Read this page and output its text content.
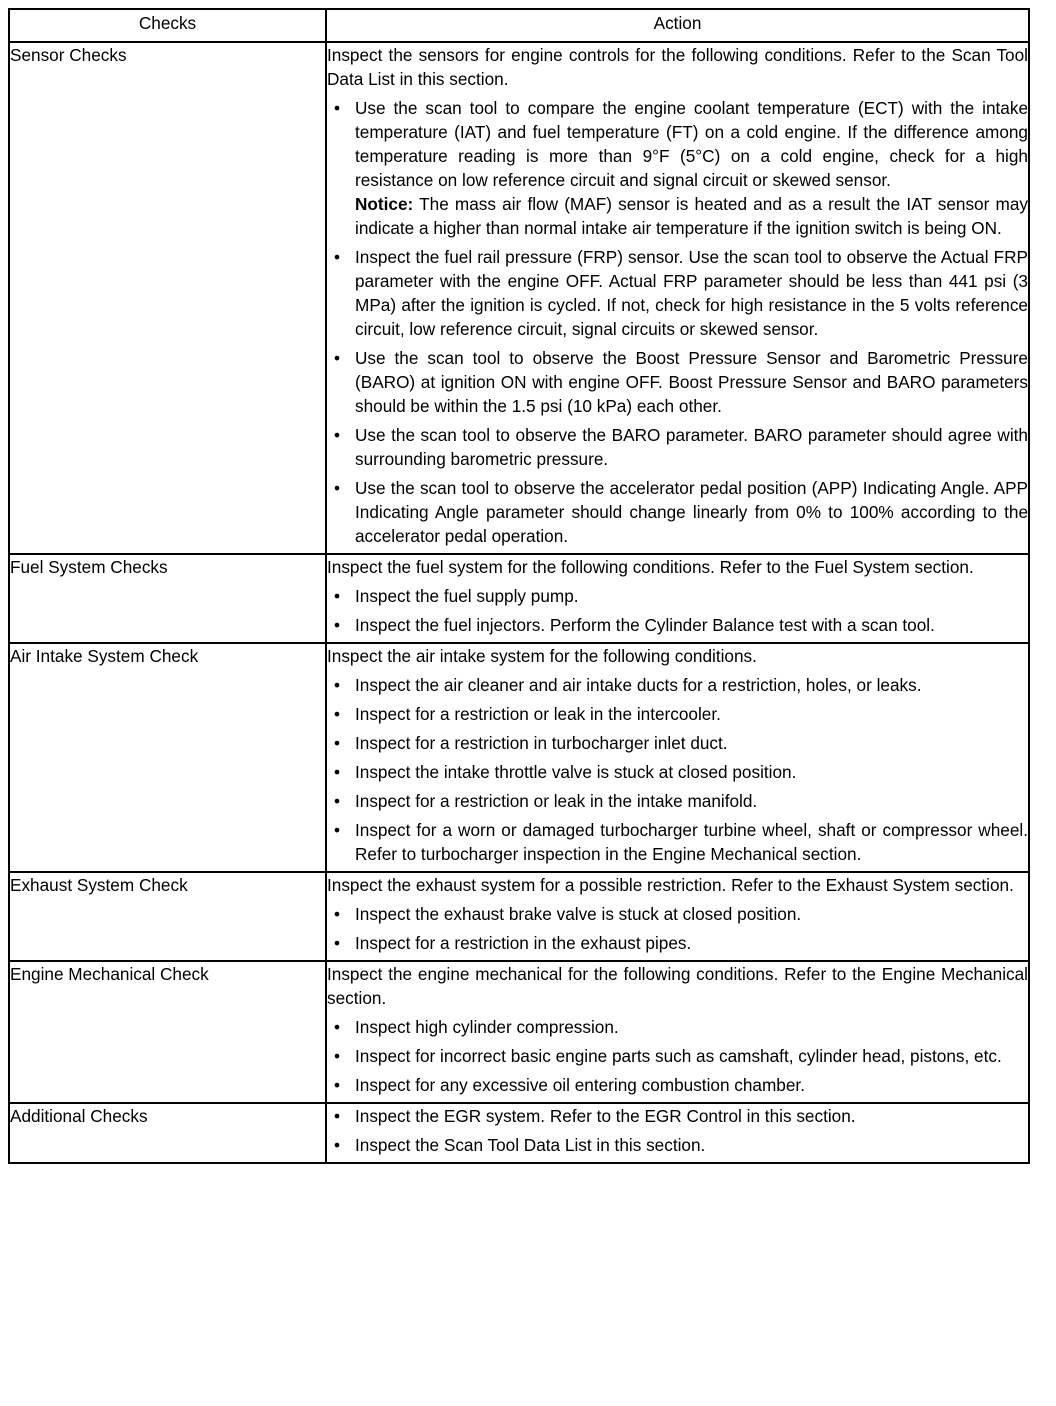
Checks	Action
Sensor Checks	Inspect the sensors for engine controls for the following conditions. Refer to the Scan Tool Data List in this section.

• Use the scan tool to compare the engine coolant temperature (ECT) with the intake temperature (IAT) and fuel temperature (FT) on a cold engine. If the difference among temperature reading is more than 9°F (5°C) on a cold engine, check for a high resistance on low reference circuit and signal circuit or skewed sensor.
Notice: The mass air flow (MAF) sensor is heated and as a result the IAT sensor may indicate a higher than normal intake air temperature if the ignition switch is being ON.
• Inspect the fuel rail pressure (FRP) sensor. Use the scan tool to observe the Actual FRP parameter with the engine OFF. Actual FRP parameter should be less than 441 psi (3 MPa) after the ignition is cycled. If not, check for high resistance in the 5 volts reference circuit, low reference circuit, signal circuits or skewed sensor.
• Use the scan tool to observe the Boost Pressure Sensor and Barometric Pressure (BARO) at ignition ON with engine OFF. Boost Pressure Sensor and BARO parameters should be within the 1.5 psi (10 kPa) each other.
• Use the scan tool to observe the BARO parameter. BARO parameter should agree with surrounding barometric pressure.
• Use the scan tool to observe the accelerator pedal position (APP) Indicating Angle. APP Indicating Angle parameter should change linearly from 0% to 100% according to the accelerator pedal operation.

Fuel System Checks	Inspect the fuel system for the following conditions. Refer to the Fuel System section.

• Inspect the fuel supply pump.
• Inspect the fuel injectors. Perform the Cylinder Balance test with a scan tool.

Air Intake System Check	Inspect the air intake system for the following conditions.

• Inspect the air cleaner and air intake ducts for a restriction, holes, or leaks.
• Inspect for a restriction or leak in the intercooler.
• Inspect for a restriction in turbocharger inlet duct.
• Inspect the intake throttle valve is stuck at closed position.
• Inspect for a restriction or leak in the intake manifold.
• Inspect for a worn or damaged turbocharger turbine wheel, shaft or compressor wheel. Refer to turbocharger inspection in the Engine Mechanical section.

Exhaust System Check	Inspect the exhaust system for a possible restriction. Refer to the Exhaust System section.

• Inspect the exhaust brake valve is stuck at closed position.
• Inspect for a restriction in the exhaust pipes.

Engine Mechanical Check	Inspect the engine mechanical for the following conditions. Refer to the Engine Mechanical section.

• Inspect high cylinder compression.
• Inspect for incorrect basic engine parts such as camshaft, cylinder head, pistons, etc.
• Inspect for any excessive oil entering combustion chamber.

Additional Checks	• Inspect the EGR system. Refer to the EGR Control in this section.
• Inspect the Scan Tool Data List in this section.
